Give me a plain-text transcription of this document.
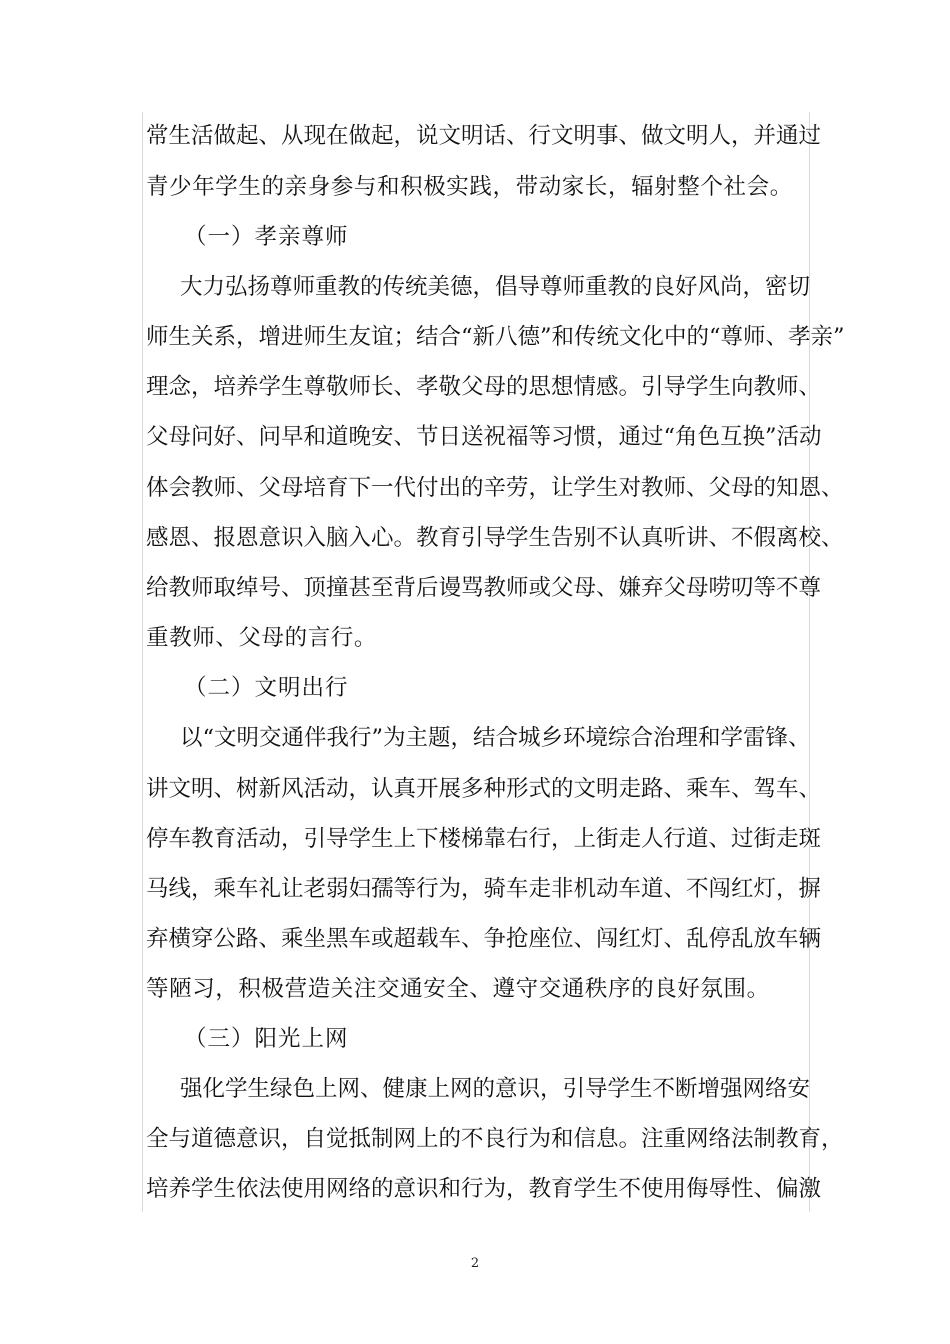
常生活做起、从现在做起，说文明话、行文明事、做文明人，并通过
青少年学生的亲身参与和积极实践，带动家长，辐射整个社会。
（一）孝亲尊师
大力弘扬尊师重教的传统美德，倡导尊师重教的良好风尚，密切
师生关系，增进师生友谊；结合“新八德”和传统文化中的“尊师、孝亲”
理念，培养学生尊敬师长、孝敬父母的思想情感。引导学生向教师、
父母问好、问早和道晚安、节日送祝福等习惯，通过“角色互换”活动
体会教师、父母培育下一代付出的辛劳，让学生对教师、父母的知恩、
感恩、报恩意识入脑入心。教育引导学生告别不认真听讲、不假离校、
给教师取绰号、顶撞甚至背后谩骂教师或父母、嫌弃父母唠叨等不尊
重教师、父母的言行。
（二）文明出行
以“文明交通伴我行”为主题，结合城乡环境综合治理和学雷锋、
讲文明、树新风活动，认真开展多种形式的文明走路、乘车、驾车、
停车教育活动，引导学生上下楼梯靠右行，上街走人行道、过街走斑
马线，乘车礼让老弱妇孺等行为，骑车走非机动车道、不闯红灯，摒
弃横穿公路、乘坐黑车或超载车、争抢座位、闯红灯、乱停乱放车辆
等陋习，积极营造关注交通安全、遵守交通秩序的良好氛围。
（三）阳光上网
强化学生绿色上网、健康上网的意识，引导学生不断增强网络安
全与道德意识，自觉抵制网上的不良行为和信息。注重网络法制教育，
培养学生依法使用网络的意识和行为，教育学生不使用侮辱性、偏激
2
